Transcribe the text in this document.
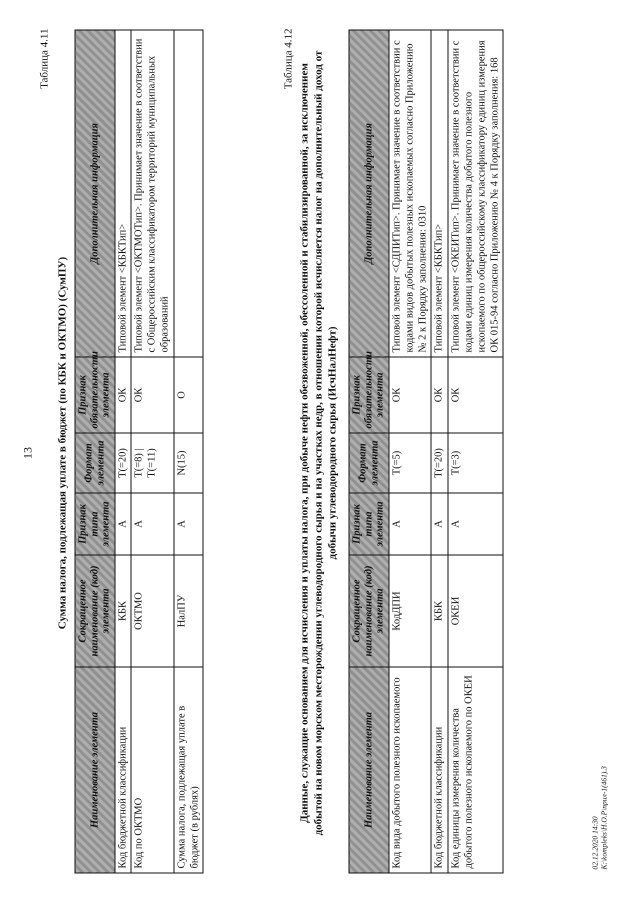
13
Таблица 4.11
Сумма налога, подлежащая уплате в бюджет (по КБК и ОКТМО) (СумПУ)
Наименование элемента	Сокращенное наименование (код) элемента	Признак типа элемента	Формат элемента	Признак обязательности элемента	Дополнительная информация
Код бюджетной классификации	КБК	А	Т(=20)	ОК	Типовой элемент <КБКТип>
Код по ОКТМО	ОКТМО	А	Т(=8) | Т(=11)	ОК	Типовой элемент <ОКТМОТип>. Принимает значение в соответствии с Общероссийским классификатором территорий муниципальных образований
Сумма налога, подлежащая уплате в бюджет (в рублях)	НалПУ	А	N(15)	О	
Таблица 4.12
Данные, служащие основанием для исчисления и уплаты налога, при добыче нефти обезвоженной, обессоленной и стабилизированной, за исключением добытой на новом морском месторождении углеводородного сырья и на участках недр, в отношении которой исчисляется налог на дополнительный доход от добычи углеводородного сырья (ИсчНалНефт)
Наименование элемента	Сокращенное наименование (код) элемента	Признак типа элемента	Формат элемента	Признак обязательности элемента	Дополнительная информация
Код вида добытого полезного ископаемого	КодДПИ	А	Т(=5)	ОК	Типовой элемент <СДПИТип>. Принимает значение в соответствии с кодами видов добытых полезных ископаемых согласно Приложению № 2 к Порядку заполнения: 0310
Код бюджетной классификации	КБК	А	Т(=20)	ОК	Типовой элемент <КБКТип>
Код единицы измерения количества добытого полезного ископаемого по ОКЕИ	ОКЕИ	А	Т(=3)	ОК	Типовой элемент <ОКЕИТип>. Принимает значение в соответствии с кодами единиц измерения количества добытого полезного ископаемого по общероссийскому классификатору единиц измерения ОК 015-94 согласно Приложению № 4 к Порядку заполнения: 168
02.12.2020 14:30 К:\kompleks\Н.О.Р\прил-1(461).3
